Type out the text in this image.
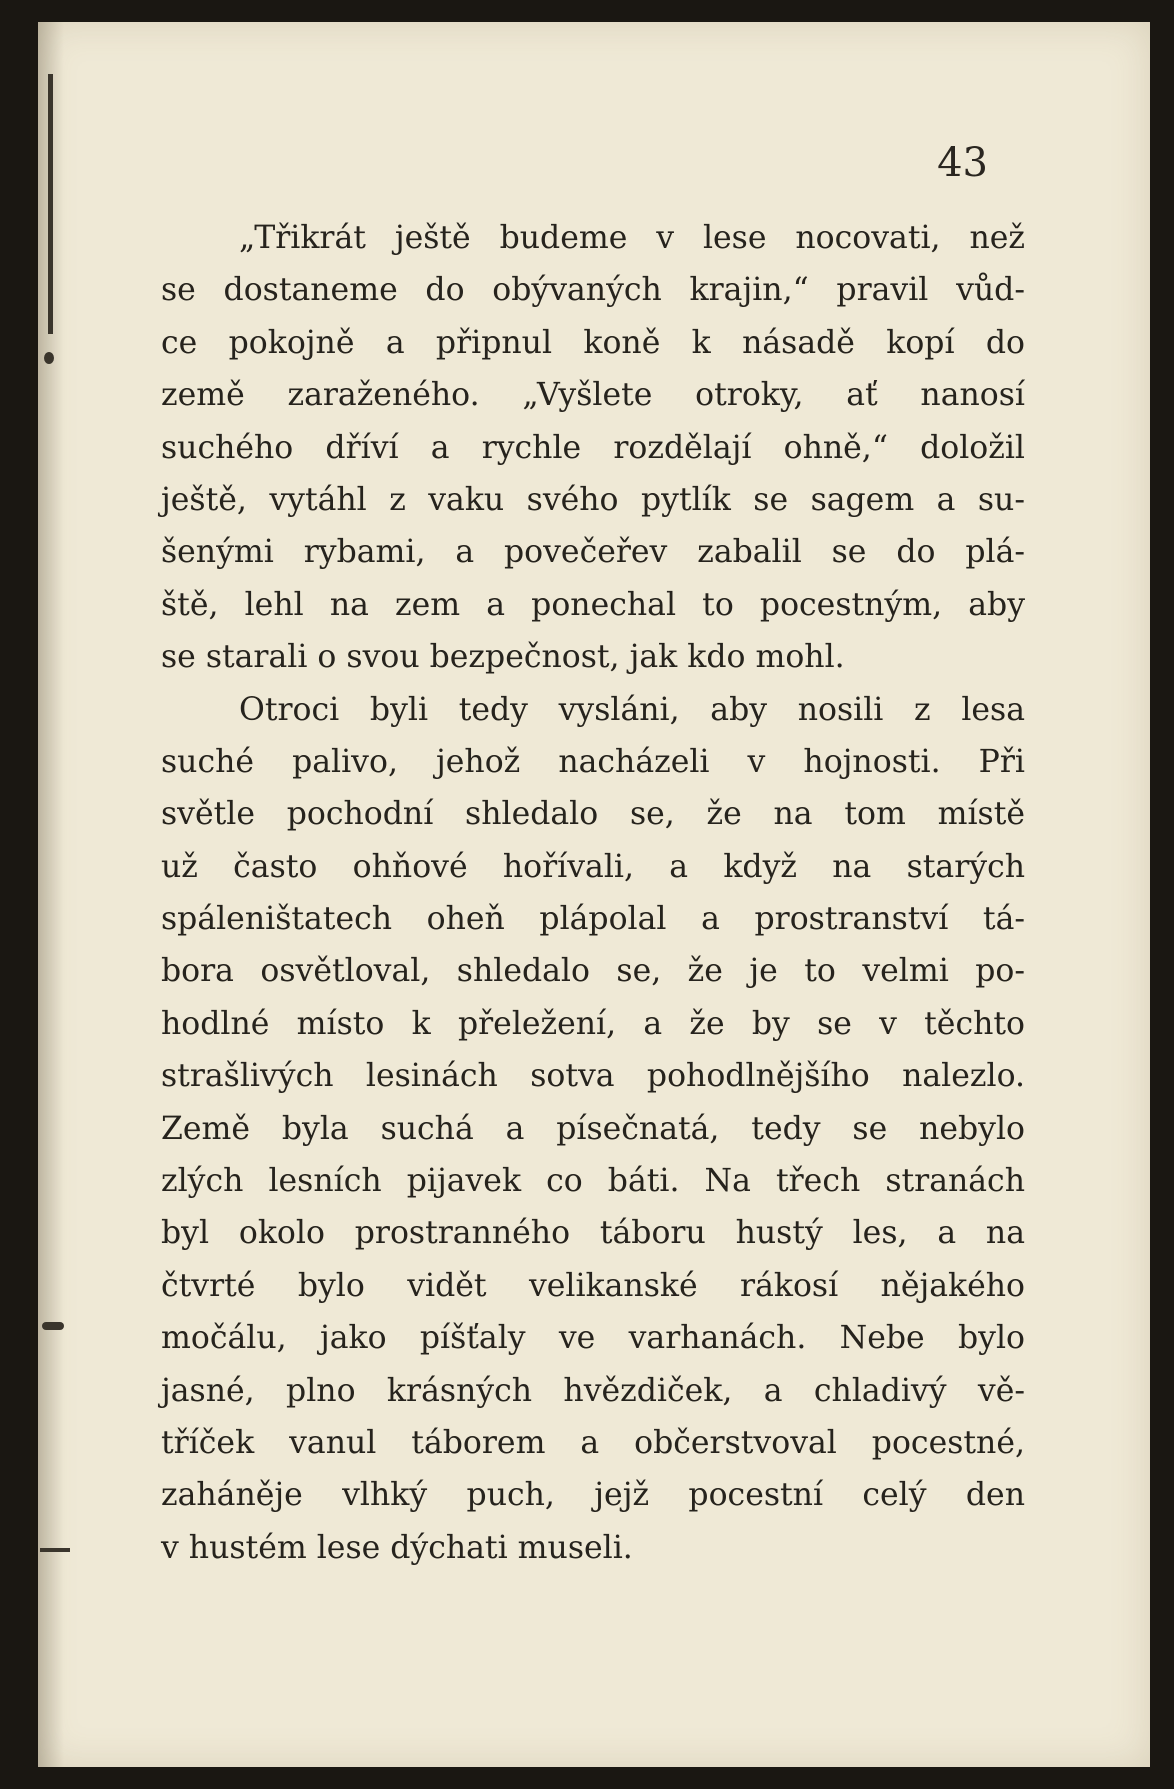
43
„Třikrát ještě budeme v lese nocovati, než
se dostaneme do obývaných krajin,“ pravil vůd-
ce pokojně a připnul koně k násadě kopí do
země zaraženého. „Vyšlete otroky, ať nanosí
suchého dříví a rychle rozdělají ohně,“ doložil
ještě, vytáhl z vaku svého pytlík se sagem a su-
šenými rybami, a povečeřev zabalil se do plá-
ště, lehl na zem a ponechal to pocestným, aby
se starali o svou bezpečnost, jak kdo mohl.
Otroci byli tedy vysláni, aby nosili z lesa
suché palivo, jehož nacházeli v hojnosti. Při
světle pochodní shledalo se, že na tom místě
už často ohňové hořívali, a když na starých
spáleništatech oheň plápolal a prostranství tá-
bora osvětloval, shledalo se, že je to velmi po-
hodlné místo k přeležení, a že by se v těchto
strašlivých lesinách sotva pohodlnějšího nalezlo.
Země byla suchá a písečnatá, tedy se nebylo
zlých lesních pijavek co báti. Na třech stranách
byl okolo prostranného táboru hustý les, a na
čtvrté bylo vidět velikanské rákosí nějakého
močálu, jako píšťaly ve varhanách. Nebe bylo
jasné, plno krásných hvězdiček, a chladivý vě-
tříček vanul táborem a občerstvoval pocestné,
zaháněje vlhký puch, jejž pocestní celý den
v hustém lese dýchati museli.
